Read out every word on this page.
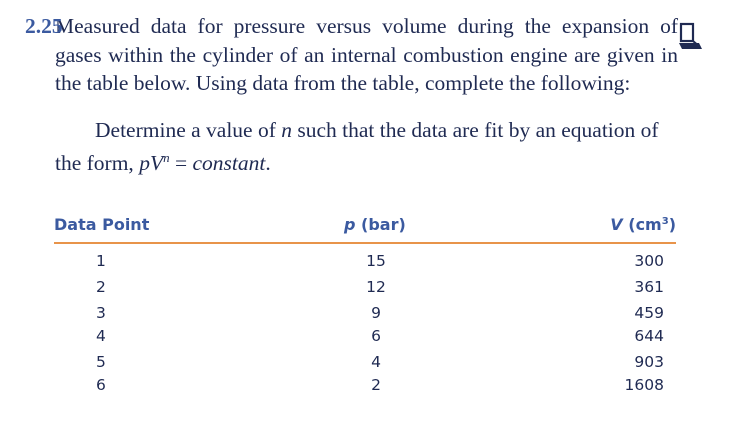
2.25
Measured data for pressure versus volume during the expansion of gases within the cylinder of an internal combustion engine are given in the table below. Using data from the table, complete the following:
Determine a value of n such that the data are fit by an equation of the form, $pV^n$ = constant.
Data Point	p (bar)	V $(cm^3)$
1	15	300
2	12	361
3	9	459
4	6	644
5	4	903
6	2	1608
